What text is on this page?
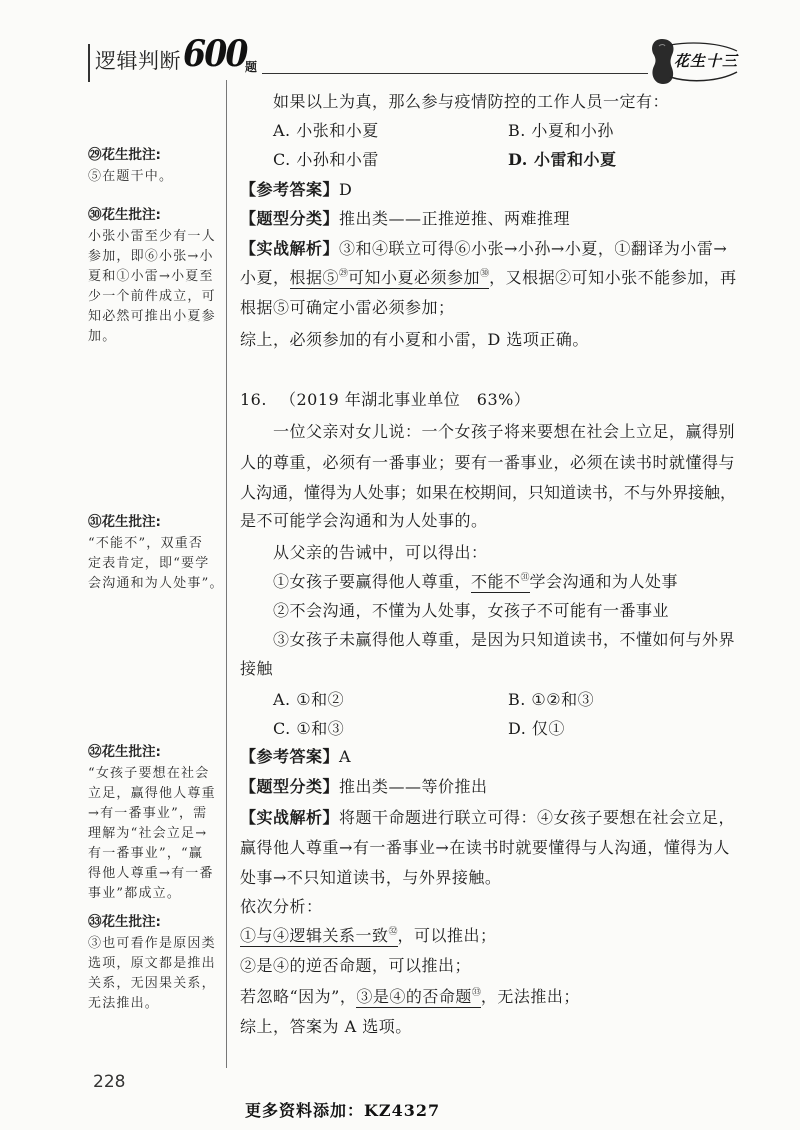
逻辑判断 600
题	花生十三
㉙花生批注:
⑤在题干中。
㉚花生批注:
小张小雷至少有一人
参加，即⑥小张→小
夏和①小雷→小夏至
少一个前件成立，可
知必然可推出小夏参
加。
㉛花生批注:
“不能不”，双重否
定表肯定，即“要学
会沟通和为人处事”。
㉜花生批注:
“女孩子要想在社会
立足，赢得他人尊重
→有一番事业”，需
理解为“社会立足→
有一番事业”，“赢
得他人尊重→有一番
事业”都成立。
㉝花生批注:
③也可看作是原因类
选项，原文都是推出
关系，无因果关系，
无法推出。
如果以上为真，那么参与疫情防控的工作人员一定有：
A. 小张和小夏	B. 小夏和小孙
C. 小孙和小雷	D. 小雷和小夏
【参考答案】D
【题型分类】推出类——正推逆推、两难推理
【实战解析】③和④联立可得⑥小张→小孙→小夏，①翻译为小雷→
小夏，根据⑤$^㉙$可知小夏必须参加$^㉚$，又根据②可知小张不能参加，再
根据⑤可确定小雷必须参加；
综上，必须参加的有小夏和小雷，D 选项正确。
16. （2019 年湖北事业单位　63%）
一位父亲对女儿说：一个女孩子将来要想在社会上立足，赢得别
人的尊重，必须有一番事业；要有一番事业，必须在读书时就懂得与
人沟通，懂得为人处事；如果在校期间，只知道读书，不与外界接触，
是不可能学会沟通和为人处事的。
从父亲的告诫中，可以得出：
①女孩子要赢得他人尊重，不能不$^㉛$学会沟通和为人处事
②不会沟通，不懂为人处事，女孩子不可能有一番事业
③女孩子未赢得他人尊重，是因为只知道读书，不懂如何与外界
接触
A. ①和②	B. ①②和③
C. ①和③	D. 仅①
【参考答案】A
【题型分类】推出类——等价推出
【实战解析】将题干命题进行联立可得：④女孩子要想在社会立足，
赢得他人尊重→有一番事业→在读书时就要懂得与人沟通，懂得为人
处事→不只知道读书，与外界接触。
依次分析：
①与④逻辑关系一致$^㉜$，可以推出；
②是④的逆否命题，可以推出；
若忽略“因为”，③是④的否命题$^㉝$，无法推出；
综上，答案为 A 选项。
228
更多资料添加：KZ4327
